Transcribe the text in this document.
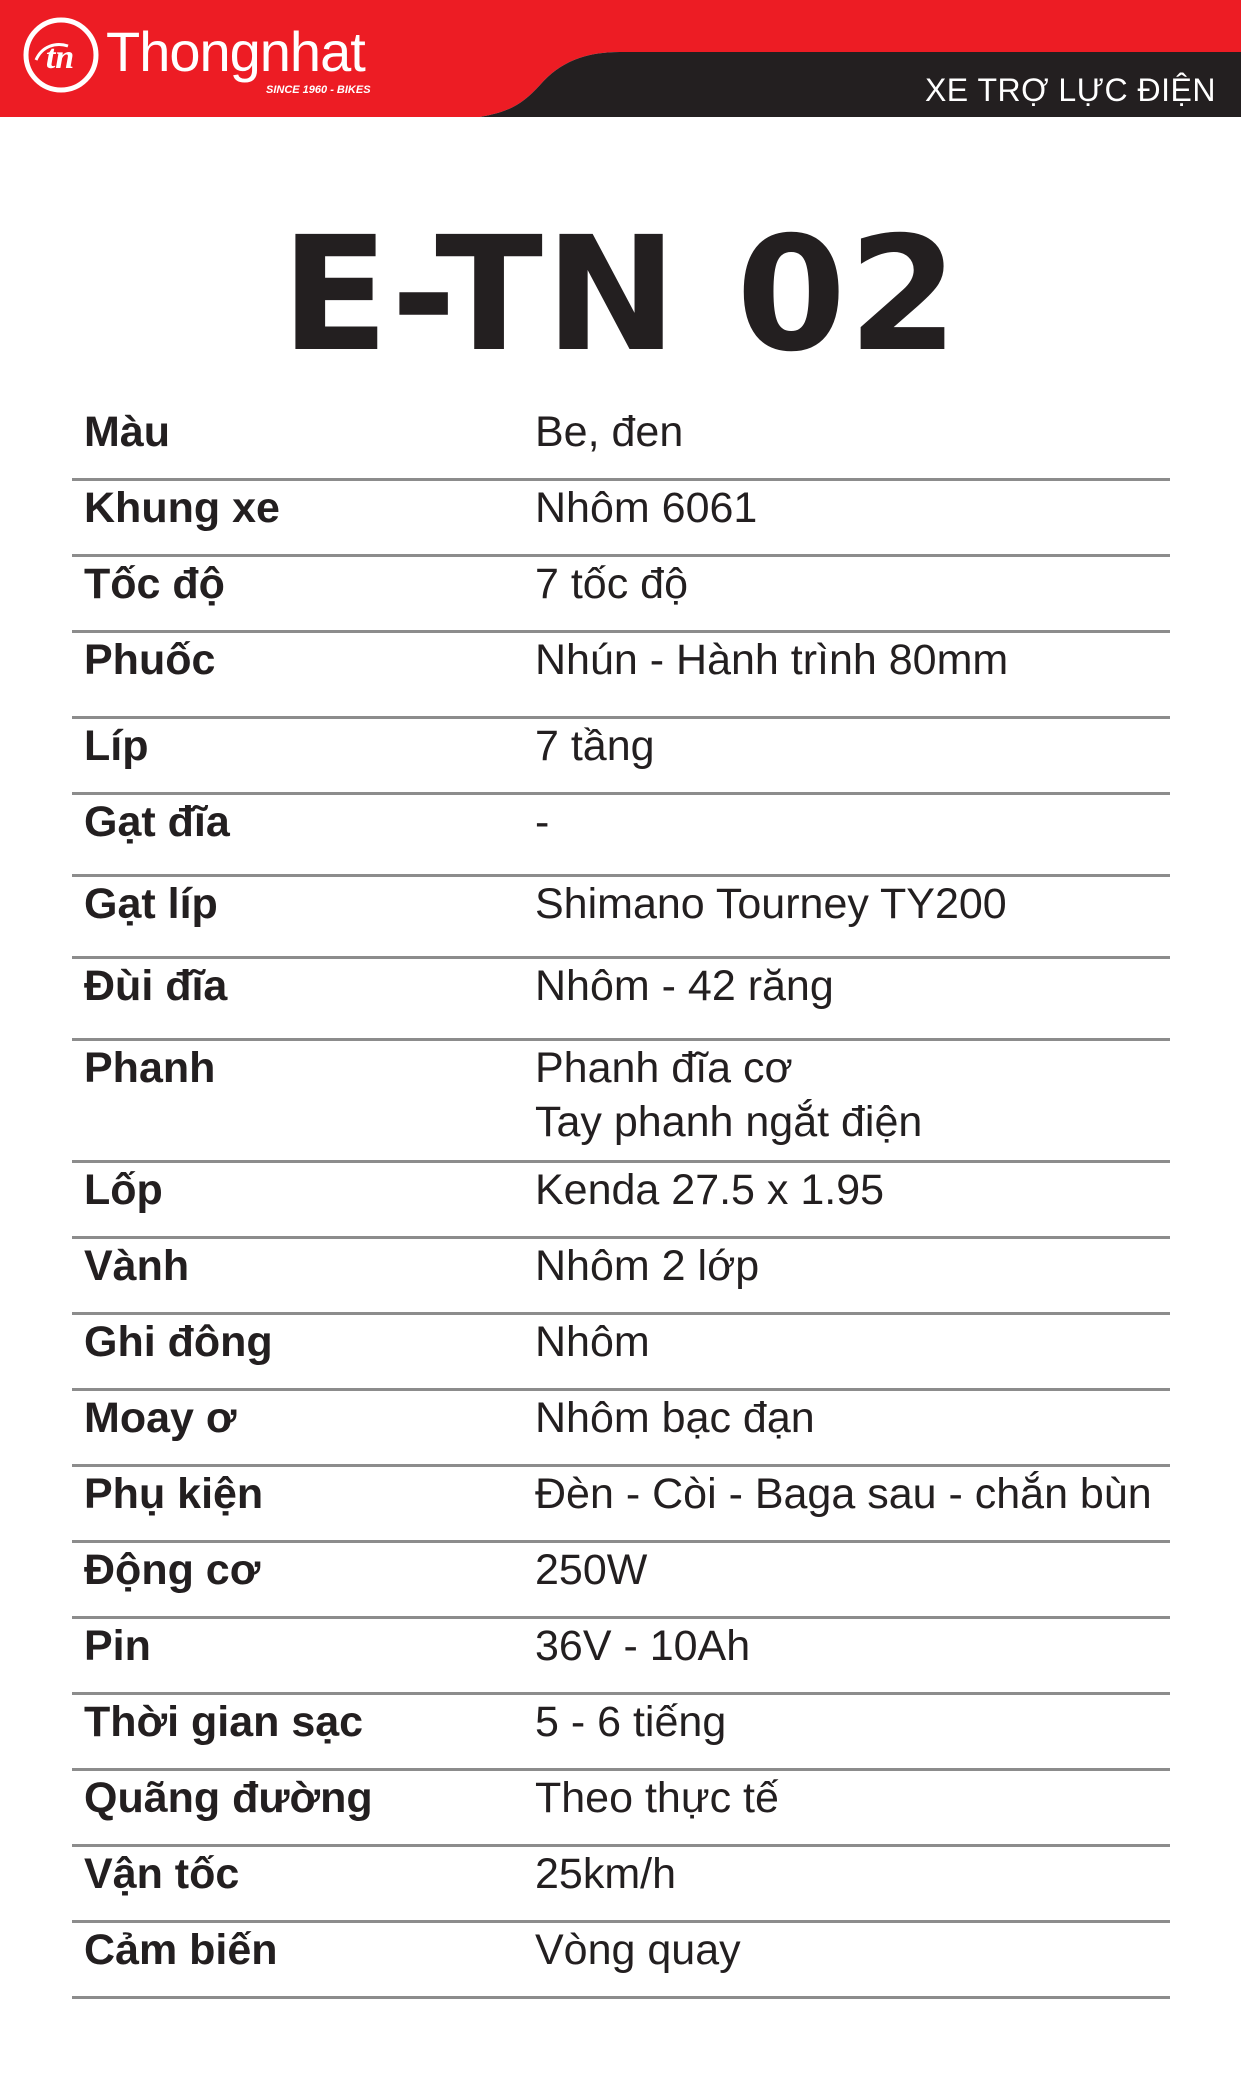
tn Thongnhat
SINCE 1960 - BIKES	XE TRỢ LỰC ĐIỆN
E-TN 02
Màu	Be, đen
Khung xe	Nhôm 6061
Tốc độ	7 tốc độ
Phuốc	Nhún - Hành trình 80mm
Líp	7 tầng
Gạt đĩa	-
Gạt líp	Shimano Tourney TY200
Đùi đĩa	Nhôm - 42 răng
Phanh	Phanh đĩa cơ
Tay phanh ngắt điện
Lốp	Kenda 27.5 x 1.95
Vành	Nhôm 2 lớp
Ghi đông	Nhôm
Moay ơ	Nhôm bạc đạn
Phụ kiện	Đèn - Còi - Baga sau - chắn bùn
Động cơ	250W
Pin	36V - 10Ah
Thời gian sạc	5 - 6 tiếng
Quãng đường	Theo thực tế
Vận tốc	25km/h
Cảm biến	Vòng quay
